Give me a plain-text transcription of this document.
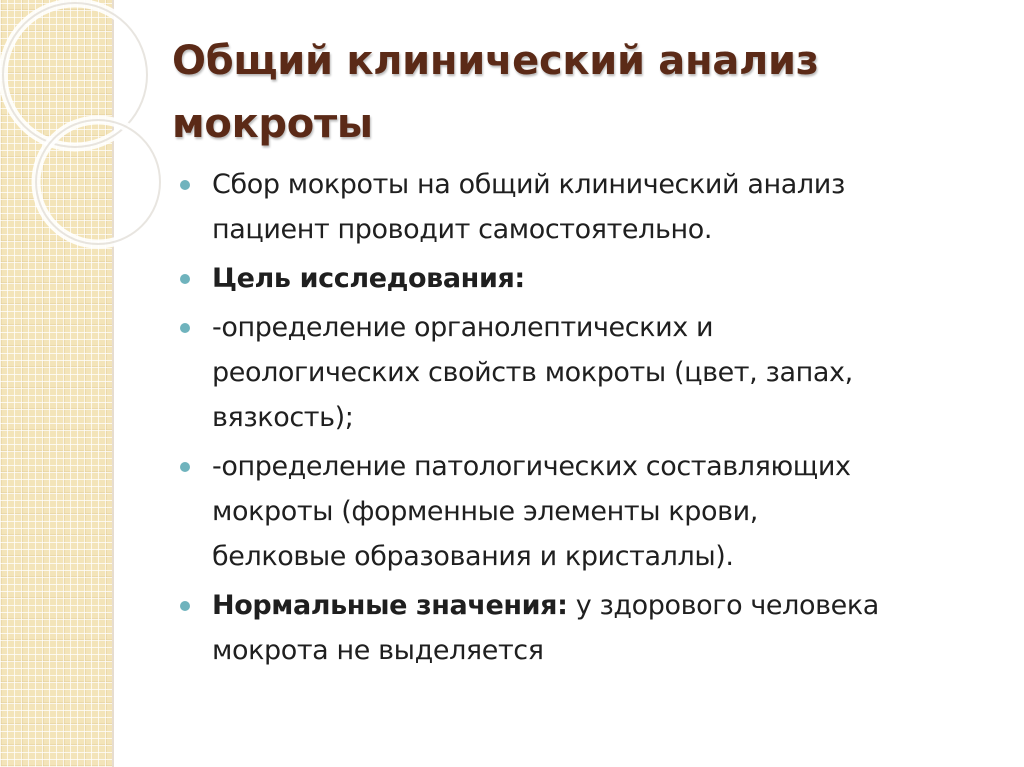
Общий клинический анализ
мокроты
Сбор мокроты на общий клинический анализ
пациент проводит самостоятельно.
Цель исследования:
-определение органолептических и
реологических свойств мокроты (цвет, запах,
вязкость);
-определение патологических составляющих
мокроты (форменные элементы крови,
белковые образования и кристаллы).
Нормальные значения: у здорового человека
мокрота не выделяется
